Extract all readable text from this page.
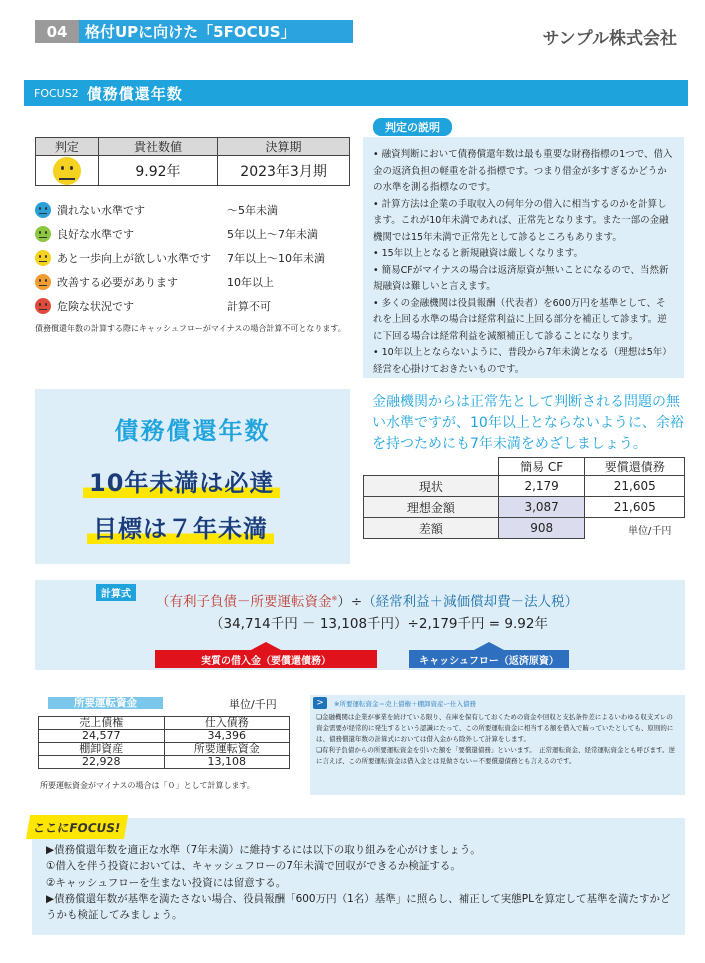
04	格付UPに向けた「5FOCUS」	サンプル株式会社
FOCUS2 債務償還年数
判定	貴社数値	決算期

	9.92年	2023年3月期
潰れない水準です	〜5年未満
良好な水準です	5年以上〜7年未満
あと一歩向上が欲しい水準です	7年以上〜10年未満
改善する必要があります	10年以上
危険な状況です	計算不可
債務償還年数の計算する際にキャッシュフローがマイナスの場合計算不可となります。

• 融資判断において債務償還年数は最も重要な財務指標の1つで、借入金の返済負担の軽重を計る指標です。つまり借金が多すぎるかどうかの水準を測る指標なのです。

• 計算方法は企業の手取収入の何年分の借入に相当するのかを計算します。これが10年未満であれば、正常先となります。また一部の金融機関では15年未満で正常先として診るところもあります。

• 15年以上となると新規融資は厳しくなります。

• 簡易CFがマイナスの場合は返済原資が無いことになるので、当然新規融資は難しいと言えます。

• 多くの金融機関は役員報酬（代表者）を600万円を基準として、それを上回る水準の場合は経常利益に上回る部分を補正して診ます。逆に下回る場合は経常利益を減額補正して診ることになります。

• 10年以上とならないように、普段から7年未満となる（理想は5年）経営を心掛けておきたいものです。

判定の説明
債務償還年数
10年未満は必達
目標は７年未満
金融機関からは正常先として判断される問題の無い水準ですが、10年以上とならないように、余裕を持つためにも7年未満をめざしましょう。
	簡易 CF	要償還債務
現状	2,179	21,605
理想金額	3,087	21,605
差額	908		単位/千円
計算式	（有利子負債－所要運転資金※）÷（経常利益＋減価償却費－法人税）
（34,714千円 － 13,108千円）÷2,179千円 = 9.92年
実質の借入金（要償還債務）	キャッシュフロー（返済原資）
所要運転資金	単位/千円
売上債権	仕入債務
24,577	34,396
棚卸資産	所要運転資金
22,928	13,108
所要運転資金がマイナスの場合は「０」として計算します。
※所要運転資金＝売上債権＋棚卸資産ー仕入債務

❏金融機関は企業が事業を続けている限り、在庫を保有しておくための資金や回収と支払条件差によるいわゆる収支ズレの資金需要が経常的に発生するという認識にたって、この所要運転資金に相当する額を借入で賄っていたとしても、原則的には、債務償還年数の計算式においては借入金から除外して計算をします。

❏有利子負債からの所要運転資金を引いた額を「要償還債務」といいます。　正常運転資金、経常運転資金とも呼びます。逆に言えば、この所要運転資金は借入金とは見做さない＝不要償還債務とも言えるのです。

>
ここにFOCUS!

▶債務償還年数を適正な水準（7年未満）に維持するには以下の取り組みを心がけましょう。

①借入を伴う投資においては、キャッシュフローの7年未満で回収ができるか検証する。

②キャッシュフローを生まない投資には留意する。

▶債務償還年数が基準を満たさない場合、役員報酬「600万円（1名）基準」に照らし、補正して実態PLを算定して基準を満たすかどうかも検証してみましょう。
